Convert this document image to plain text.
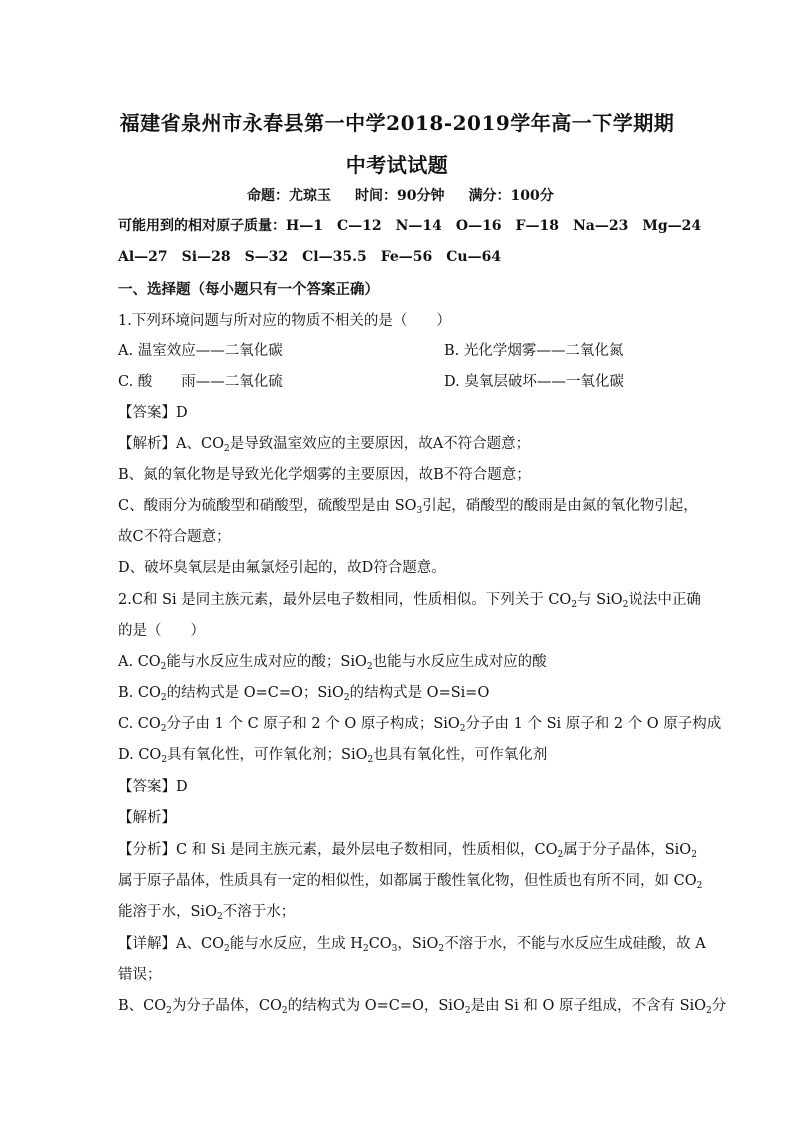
福建省泉州市永春县第一中学2018-2019学年高一下学期期
中考试试题
命题：尤琼玉 时间：90分钟 满分：100分
可能用到的相对原子质量：H—1　C—12　N—14　O—16　F—18　Na—23　Mg—24
Al—27　Si—28　S—32　Cl—35.5　Fe—56　Cu—64
一、选择题（每小题只有一个答案正确）
1.下列环境问题与所对应的物质不相关的是（　　）
A. 温室效应——二氧化碳	B. 光化学烟雾——二氧化氮
C. 酸　　雨——二氧化硫	D. 臭氧层破坏——一氧化碳
【答案】D
【解析】A、$CO_2$是导致温室效应的主要原因，故A不符合题意；
B、氮的氧化物是导致光化学烟雾的主要原因，故B不符合题意；
C、酸雨分为硫酸型和硝酸型，硫酸型是由 $SO_3$引起，硝酸型的酸雨是由氮的氧化物引起，
故C不符合题意；
D、破坏臭氧层是由氟氯烃引起的，故D符合题意。
2.C和 Si 是同主族元素，最外层电子数相同，性质相似。下列关于 $CO_2$与 SiO$_2$说法中正确
的是（　　）
A. $CO_2$能与水反应生成对应的酸；SiO$_2$也能与水反应生成对应的酸
B. $CO_2$的结构式是 O=C=O；SiO$_2$的结构式是 O=Si=O
C. $CO_2$分子由 1 个 C 原子和 2 个 O 原子构成；SiO$_2$分子由 1 个 Si 原子和 2 个 O 原子构成
D. $CO_2$具有氧化性，可作氧化剂；SiO$_2$也具有氧化性，可作氧化剂
【答案】D
【解析】
【分析】C 和 Si 是同主族元素，最外层电子数相同，性质相似，$CO_2$属于分子晶体，SiO$_2$
属于原子晶体，性质具有一定的相似性，如都属于酸性氧化物，但性质也有所不同，如 $CO_2$
能溶于水，SiO$_2$不溶于水；
【详解】A、$CO_2$能与水反应，生成 $H_2CO_3$，SiO$_2$不溶于水，不能与水反应生成硅酸，故 A
错误；
B、$CO_2$为分子晶体，$CO_2$的结构式为 O=C=O，SiO$_2$是由 Si 和 O 原子组成，不含有 SiO$_2$分
